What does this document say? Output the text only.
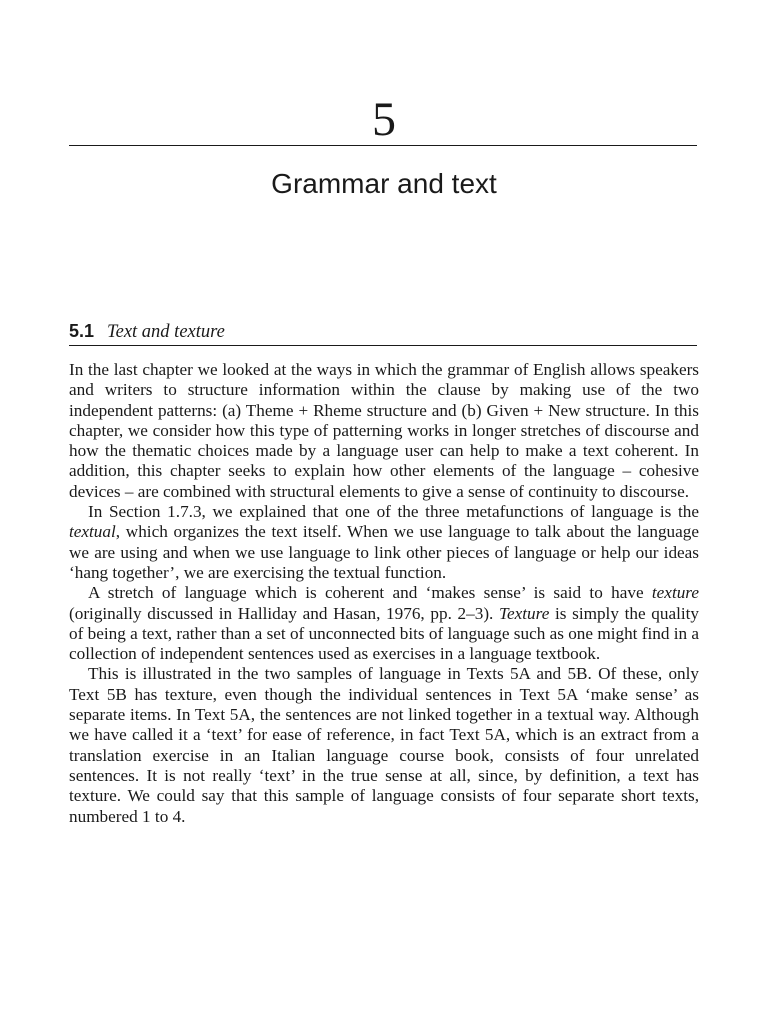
5
Grammar and text
5.1 Text and texture

In the last chapter we looked at the ways in which the grammar of English allows speakers and writers to structure information within the clause by making use of the two independent patterns: (a) Theme + Rheme structure and (b) Given + New structure. In this chapter, we consider how this type of patterning works in longer stretches of discourse and how the thematic choices made by a language user can help to make a text coherent. In addition, this chapter seeks to explain how other elements of the language – cohesive devices – are combined with structural elements to give a sense of continuity to discourse.

In Section 1.7.3, we explained that one of the three metafunctions of language is the textual, which organizes the text itself. When we use language to talk about the language we are using and when we use language to link other pieces of language or help our ideas ‘hang together’, we are exercising the textual function.

A stretch of language which is coherent and ‘makes sense’ is said to have texture (originally discussed in Halliday and Hasan, 1976, pp. 2–3). Texture is simply the quality of being a text, rather than a set of unconnected bits of language such as one might find in a collection of independent sentences used as exercises in a language textbook.

This is illustrated in the two samples of language in Texts 5A and 5B. Of these, only Text 5B has texture, even though the individual sentences in Text 5A ‘make sense’ as separate items. In Text 5A, the sentences are not linked together in a textual way. Although we have called it a ‘text’ for ease of reference, in fact Text 5A, which is an extract from a translation exercise in an Italian language course book, consists of four unrelated sentences. It is not really ‘text’ in the true sense at all, since, by definition, a text has texture. We could say that this sample of language consists of four separate short texts, numbered 1 to 4.
